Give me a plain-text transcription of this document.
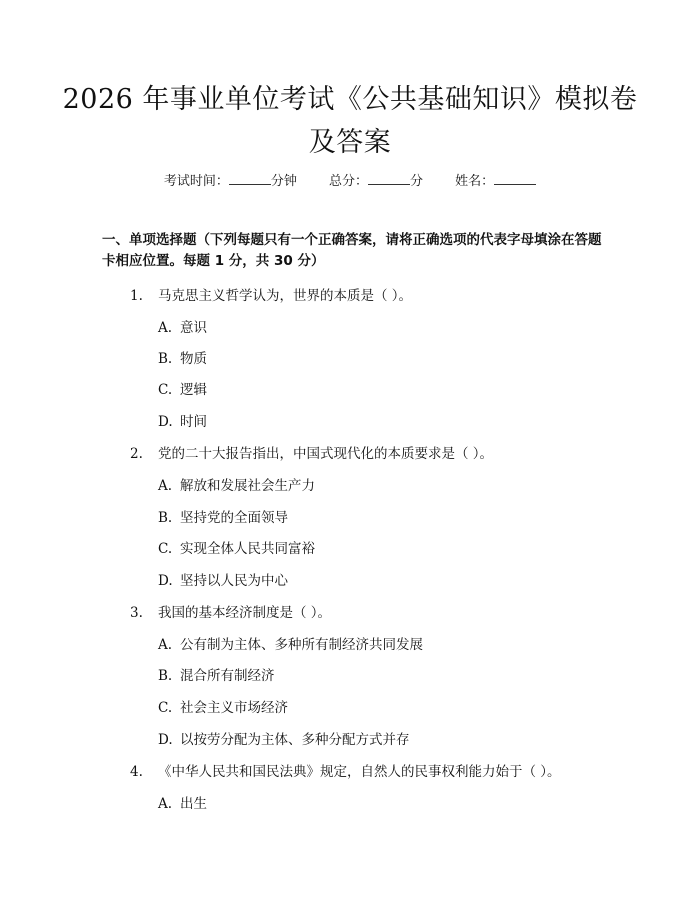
2026 年事业单位考试《公共基础知识》模拟卷及答案
考试时间：	分钟 总分：	分 姓名：
一、单项选择题（下列每题只有一个正确答案，请将正确选项的代表字母填涂在答题卡相应位置。每题 1 分，共 30 分）
1. 马克思主义哲学认为，世界的本质是（ ）。
A. 意识
B. 物质
C. 逻辑
D. 时间
2. 党的二十大报告指出，中国式现代化的本质要求是（ ）。
A. 解放和发展社会生产力
B. 坚持党的全面领导
C. 实现全体人民共同富裕
D. 坚持以人民为中心
3. 我国的基本经济制度是（ ）。
A. 公有制为主体、多种所有制经济共同发展
B. 混合所有制经济
C. 社会主义市场经济
D. 以按劳分配为主体、多种分配方式并存
4. 《中华人民共和国民法典》规定，自然人的民事权利能力始于（ ）。
A. 出生
